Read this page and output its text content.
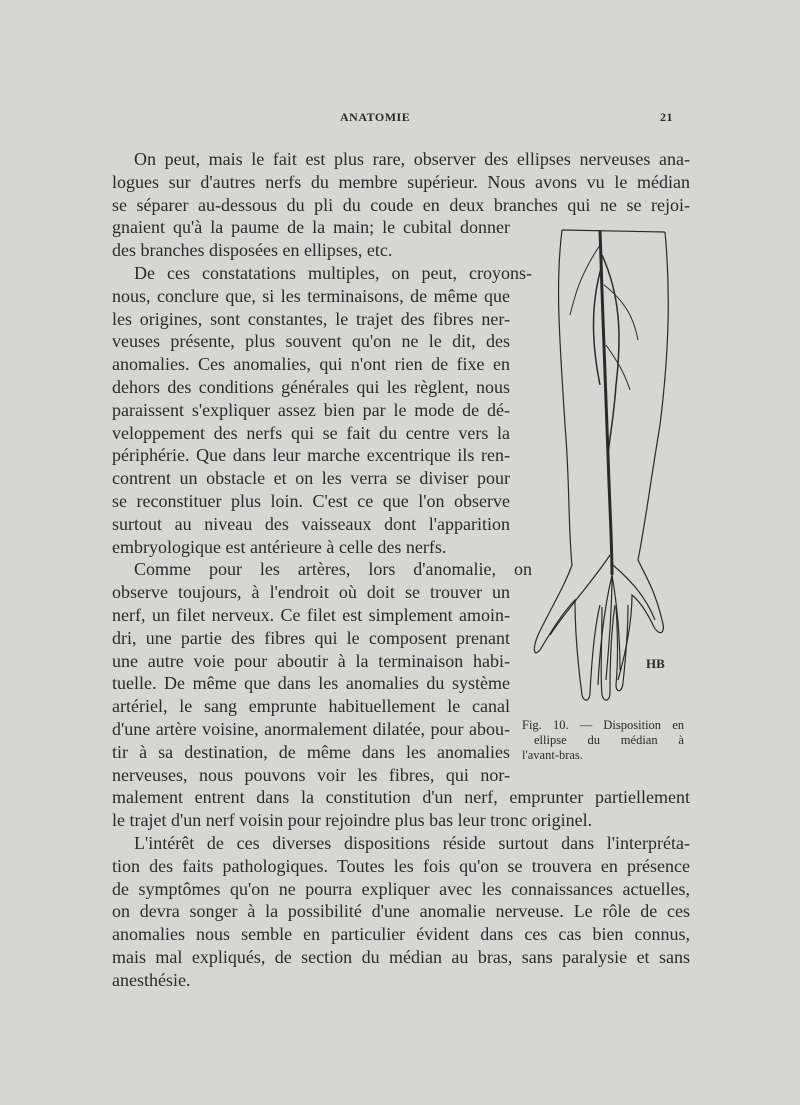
ANATOMIE	21
On peut, mais le fait est plus rare, observer des ellipses nerveuses ana-
logues sur d'autres nerfs du membre supérieur. Nous avons vu le médian
se séparer au-dessous du pli du coude en deux branches qui ne se rejoi-
gnaient qu'à la paume de la main; le cubital donner
des branches disposées en ellipses, etc.
De ces constatations multiples, on peut, croyons-
nous, conclure que, si les terminaisons, de même que
les origines, sont constantes, le trajet des fibres ner-
veuses présente, plus souvent qu'on ne le dit, des
anomalies. Ces anomalies, qui n'ont rien de fixe en
dehors des conditions générales qui les règlent, nous
paraissent s'expliquer assez bien par le mode de dé-
veloppement des nerfs qui se fait du centre vers la
périphérie. Que dans leur marche excentrique ils ren-
contrent un obstacle et on les verra se diviser pour
se reconstituer plus loin. C'est ce que l'on observe
surtout au niveau des vaisseaux dont l'apparition
embryologique est antérieure à celle des nerfs.
Comme pour les artères, lors d'anomalie, on
observe toujours, à l'endroit où doit se trouver un
nerf, un filet nerveux. Ce filet est simplement amoin-
dri, une partie des fibres qui le composent prenant
une autre voie pour aboutir à la terminaison habi-
tuelle. De même que dans les anomalies du système
artériel, le sang emprunte habituellement le canal
d'une artère voisine, anormalement dilatée, pour abou-
tir à sa destination, de même dans les anomalies
nerveuses, nous pouvons voir les fibres, qui nor-
malement entrent dans la constitution d'un nerf, emprunter partiellement
le trajet d'un nerf voisin pour rejoindre plus bas leur tronc originel.
L'intérêt de ces diverses dispositions réside surtout dans l'interpréta-
tion des faits pathologiques. Toutes les fois qu'on se trouvera en présence
de symptômes qu'on ne pourra expliquer avec les connaissances actuelles,
on devra songer à la possibilité d'une anomalie nerveuse. Le rôle de ces
anomalies nous semble en particulier évident dans ces cas bien connus,
mais mal expliqués, de section du médian au bras, sans paralysie et sans
anesthésie.
HB
Fig. 10. — Disposition en
ellipse du médian à
l'avant-bras.
